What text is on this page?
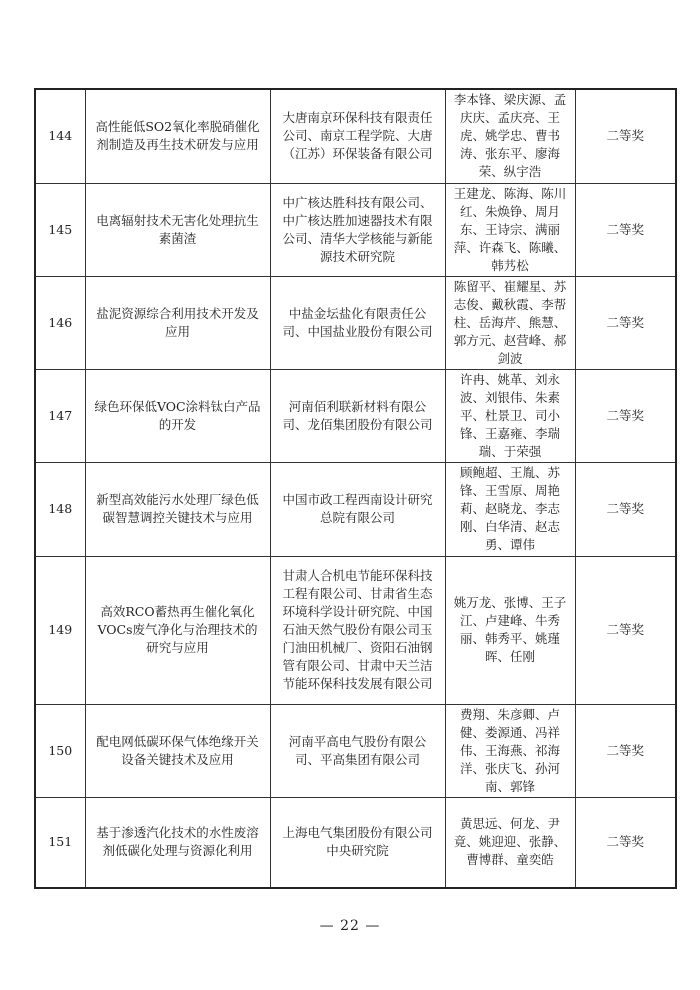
144	高性能低SO2氧化率脱硝催化剂制造及再生技术研发与应用	大唐南京环保科技有限责任公司、南京工程学院、大唐（江苏）环保装备有限公司	李本锋、梁庆源、孟庆庆、孟庆亮、王虎、姚学忠、曹书涛、张东平、廖海荣、纵宇浩	二等奖
145	电离辐射技术无害化处理抗生素菌渣	中广核达胜科技有限公司、中广核达胜加速器技术有限公司、清华大学核能与新能源技术研究院	王建龙、陈海、陈川红、朱焕铮、周月东、王诗宗、满丽萍、许森飞、陈曦、韩艿松	二等奖
146	盐泥资源综合利用技术开发及应用	中盐金坛盐化有限责任公司、中国盐业股份有限公司	陈留平、崔耀星、苏志俊、戴秋霞、李帮柱、岳海芹、熊慧、郭方元、赵营峰、郝剑波	二等奖
147	绿色环保低VOC涂料钛白产品的开发	河南佰利联新材料有限公司、龙佰集团股份有限公司	许冉、姚革、刘永波、刘银伟、朱素平、杜景卫、司小锋、王嘉雍、李瑞瑞、于荣强	二等奖
148	新型高效能污水处理厂绿色低碳智慧调控关键技术与应用	中国市政工程西南设计研究总院有限公司	顾鲍超、王胤、苏锋、王雪原、周艳莉、赵晓龙、李志刚、白华清、赵志勇、谭伟	二等奖
149	高效RCO蓄热再生催化氧化VOCs废气净化与治理技术的研究与应用	甘肃人合机电节能环保科技工程有限公司、甘肃省生态环境科学设计研究院、中国石油天然气股份有限公司玉门油田机械厂、资阳石油钢管有限公司、甘肃中天兰洁节能环保科技发展有限公司	姚万龙、张博、王子江、卢建峰、牛秀丽、韩秀平、姚瑾晖、任刚	二等奖
150	配电网低碳环保气体绝缘开关设备关键技术及应用	河南平高电气股份有限公司、平高集团有限公司	费翔、朱彦卿、卢健、娄源通、冯祥伟、王海燕、祁海洋、张庆飞、孙河南、郭锋	二等奖
151	基于渗透汽化技术的水性废溶剂低碳化处理与资源化利用	上海电气集团股份有限公司中央研究院	黄思远、何龙、尹竟、姚迎迎、张静、曹博群、童奕皓	二等奖
— 22 —
